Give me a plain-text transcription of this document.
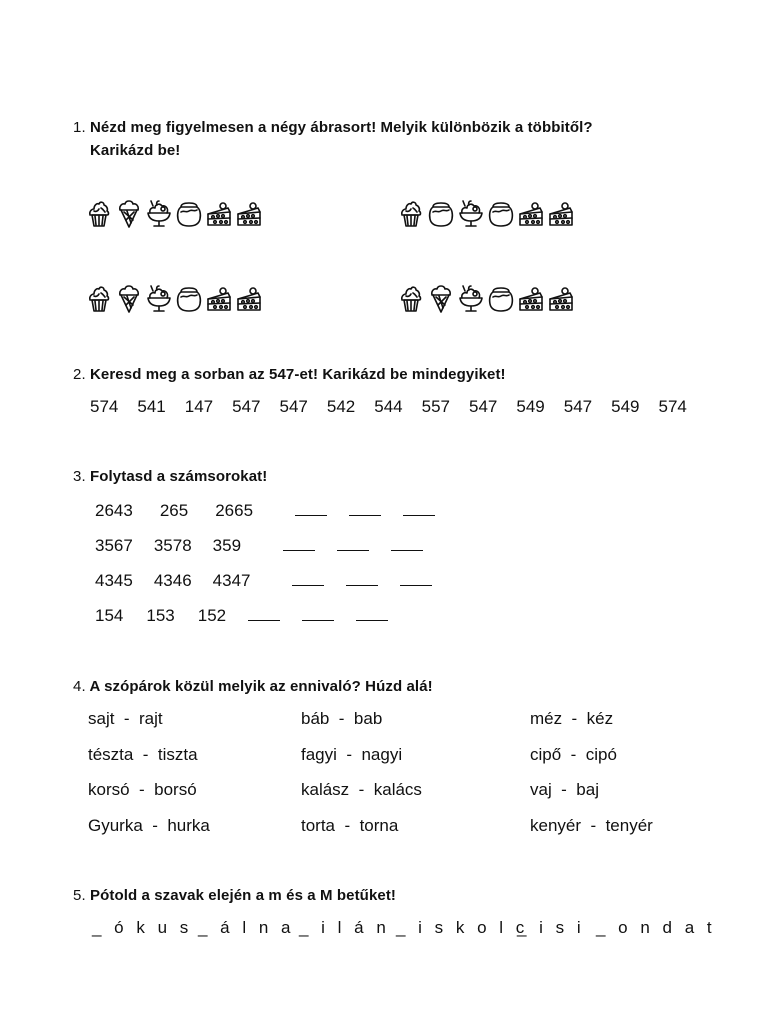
1. Nézd meg figyelmesen a négy ábrasort! Melyik különbözik a többitől?
Karikázd be!
2. Keresd meg a sorban az 547-et! Karikázd be mindegyiket!
574 541 147 547 547 542 544 557 547 549 547 549 574
3. Folytasd a számsorokat!
2643 265 2665
3567 3578 359
4345 4346 4347
154 153 152
4. A szópárok közül melyik az ennivaló? Húzd alá!
sajt  -  rajt
tészta  -  tiszta
korsó  -  borsó
Gyurka  -  hurka
báb  -  bab
fagyi  -  nagyi
kalász  -  kalács
torta  -  torna
méz  -  kéz
cipő  -  cipó
vaj  -  baj
kenyér  -  tenyér
5. Pótold a szavak elején a m és a M betűket!
_ ó k u s _ á l n a _ i l á n _ i s k o l c
_ i s i _ o n d a t
